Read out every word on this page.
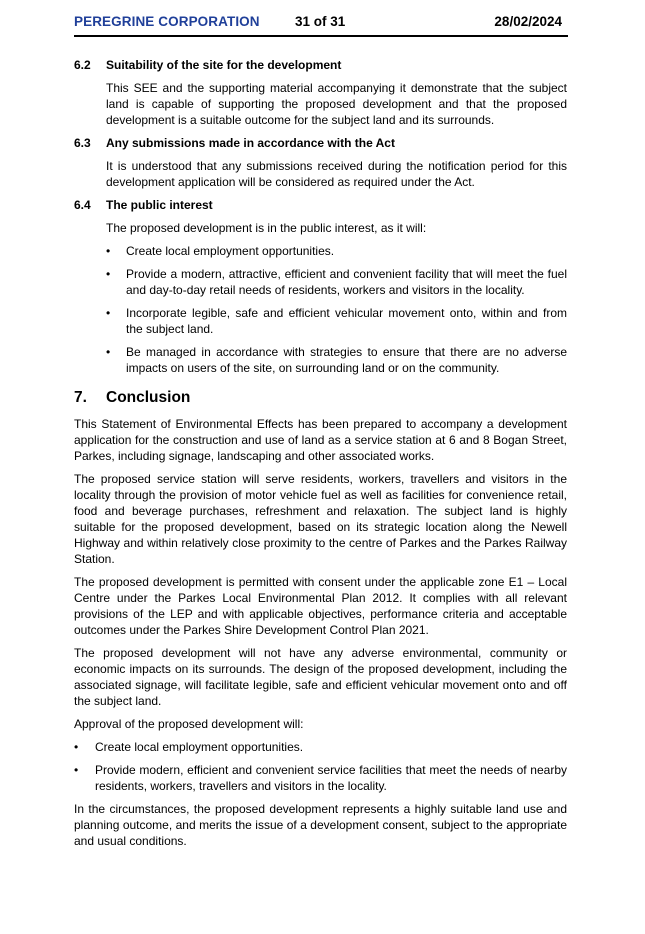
PEREGRINE CORPORATION	31 of 31	28/02/2024
6.2	Suitability of the site for the development

This SEE and the supporting material accompanying it demonstrate that the subject land is capable of supporting the proposed development and that the proposed development is a suitable outcome for the subject land and its surrounds.

6.3	Any submissions made in accordance with the Act

It is understood that any submissions received during the notification period for this development application will be considered as required under the Act.

6.4	The public interest

The proposed development is in the public interest, as it will:

• Create local employment opportunities.
• Provide a modern, attractive, efficient and convenient facility that will meet the fuel and day-to-day retail needs of residents, workers and visitors in the locality.
• Incorporate legible, safe and efficient vehicular movement onto, within and from the subject land.
• Be managed in accordance with strategies to ensure that there are no adverse impacts on users of the site, on surrounding land or on the community.
7.	Conclusion

This Statement of Environmental Effects has been prepared to accompany a development application for the construction and use of land as a service station at 6 and 8 Bogan Street, Parkes, including signage, landscaping and other associated works.

The proposed service station will serve residents, workers, travellers and visitors in the locality through the provision of motor vehicle fuel as well as facilities for convenience retail, food and beverage purchases, refreshment and relaxation. The subject land is highly suitable for the proposed development, based on its strategic location along the Newell Highway and within relatively close proximity to the centre of Parkes and the Parkes Railway Station.

The proposed development is permitted with consent under the applicable zone E1 – Local Centre under the Parkes Local Environmental Plan 2012. It complies with all relevant provisions of the LEP and with applicable objectives, performance criteria and acceptable outcomes under the Parkes Shire Development Control Plan 2021.

The proposed development will not have any adverse environmental, community or economic impacts on its surrounds. The design of the proposed development, including the associated signage, will facilitate legible, safe and efficient vehicular movement onto and off the subject land.

Approval of the proposed development will:

• Create local employment opportunities.
• Provide modern, efficient and convenient service facilities that meet the needs of nearby residents, workers, travellers and visitors in the locality.

In the circumstances, the proposed development represents a highly suitable land use and planning outcome, and merits the issue of a development consent, subject to the appropriate and usual conditions.
